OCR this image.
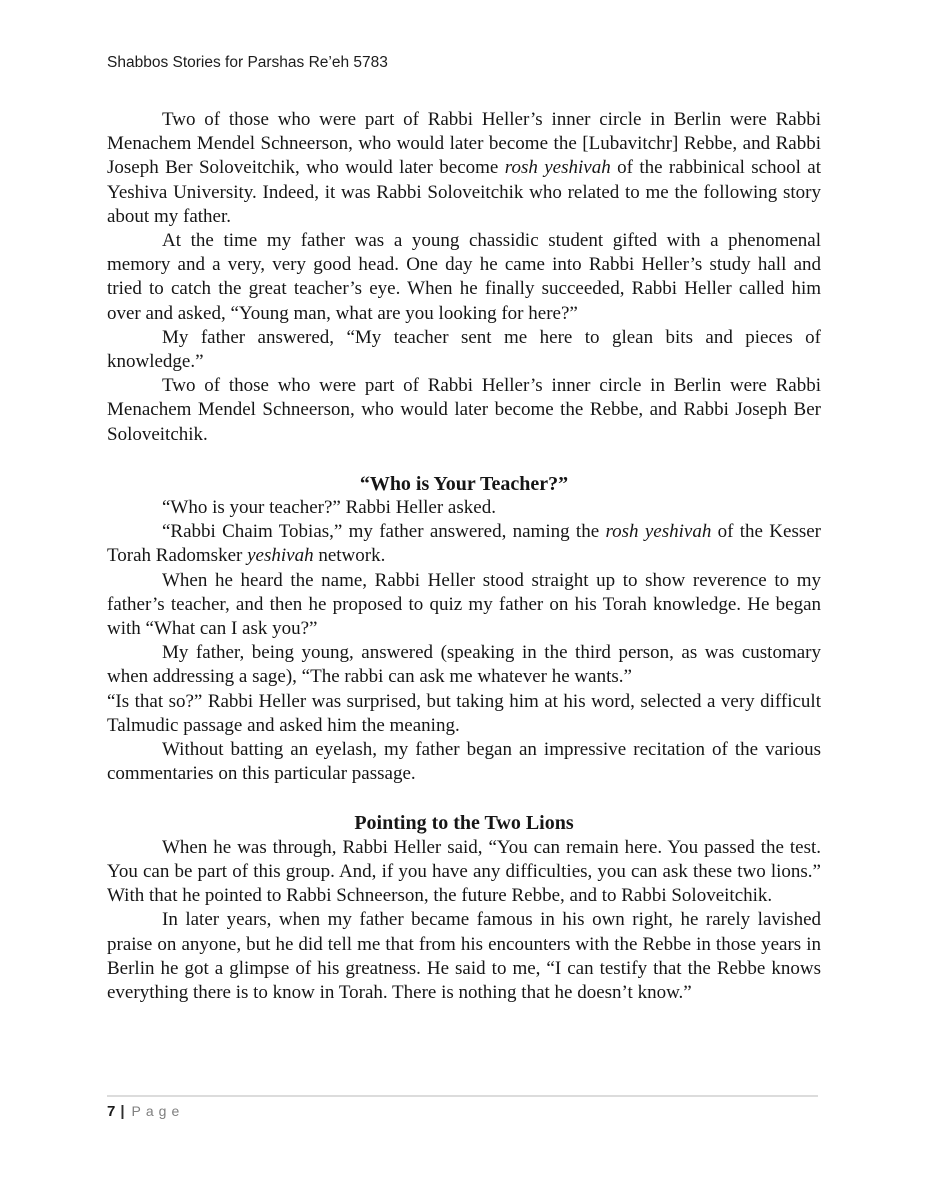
Shabbos Stories for Parshas Re’eh 5783

Two of those who were part of Rabbi Heller’s inner circle in Berlin were Rabbi Menachem Mendel Schneerson, who would later become the [Lubavitchr] Rebbe, and Rabbi Joseph Ber Soloveitchik, who would later become rosh yeshivah of the rabbinical school at Yeshiva University. Indeed, it was Rabbi Soloveitchik who related to me the following story about my father.

At the time my father was a young chassidic student gifted with a phenomenal memory and a very, very good head. One day he came into Rabbi Heller’s study hall and tried to catch the great teacher’s eye. When he finally succeeded, Rabbi Heller called him over and asked, “Young man, what are you looking for here?”

My father answered, “My teacher sent me here to glean bits and pieces of knowledge.”

Two of those who were part of Rabbi Heller’s inner circle in Berlin were Rabbi Menachem Mendel Schneerson, who would later become the Rebbe, and Rabbi Joseph Ber Soloveitchik.

“Who is Your Teacher?”

“Who is your teacher?” Rabbi Heller asked.

“Rabbi Chaim Tobias,” my father answered, naming the rosh yeshivah of the Kesser Torah Radomsker yeshivah network.

When he heard the name, Rabbi Heller stood straight up to show reverence to my father’s teacher, and then he proposed to quiz my father on his Torah knowledge. He began with “What can I ask you?”

My father, being young, answered (speaking in the third person, as was customary when addressing a sage), “The rabbi can ask me whatever he wants.”

“Is that so?” Rabbi Heller was surprised, but taking him at his word, selected a very difficult Talmudic passage and asked him the meaning.

Without batting an eyelash, my father began an impressive recitation of the various commentaries on this particular passage.

Pointing to the Two Lions

When he was through, Rabbi Heller said, “You can remain here. You passed the test. You can be part of this group. And, if you have any difficulties, you can ask these two lions.” With that he pointed to Rabbi Schneerson, the future Rebbe, and to Rabbi Soloveitchik.

In later years, when my father became famous in his own right, he rarely lavished praise on anyone, but he did tell me that from his encounters with the Rebbe in those years in Berlin he got a glimpse of his greatness. He said to me, “I can testify that the Rebbe knows everything there is to know in Torah. There is nothing that he doesn’t know.”

7 | Page
